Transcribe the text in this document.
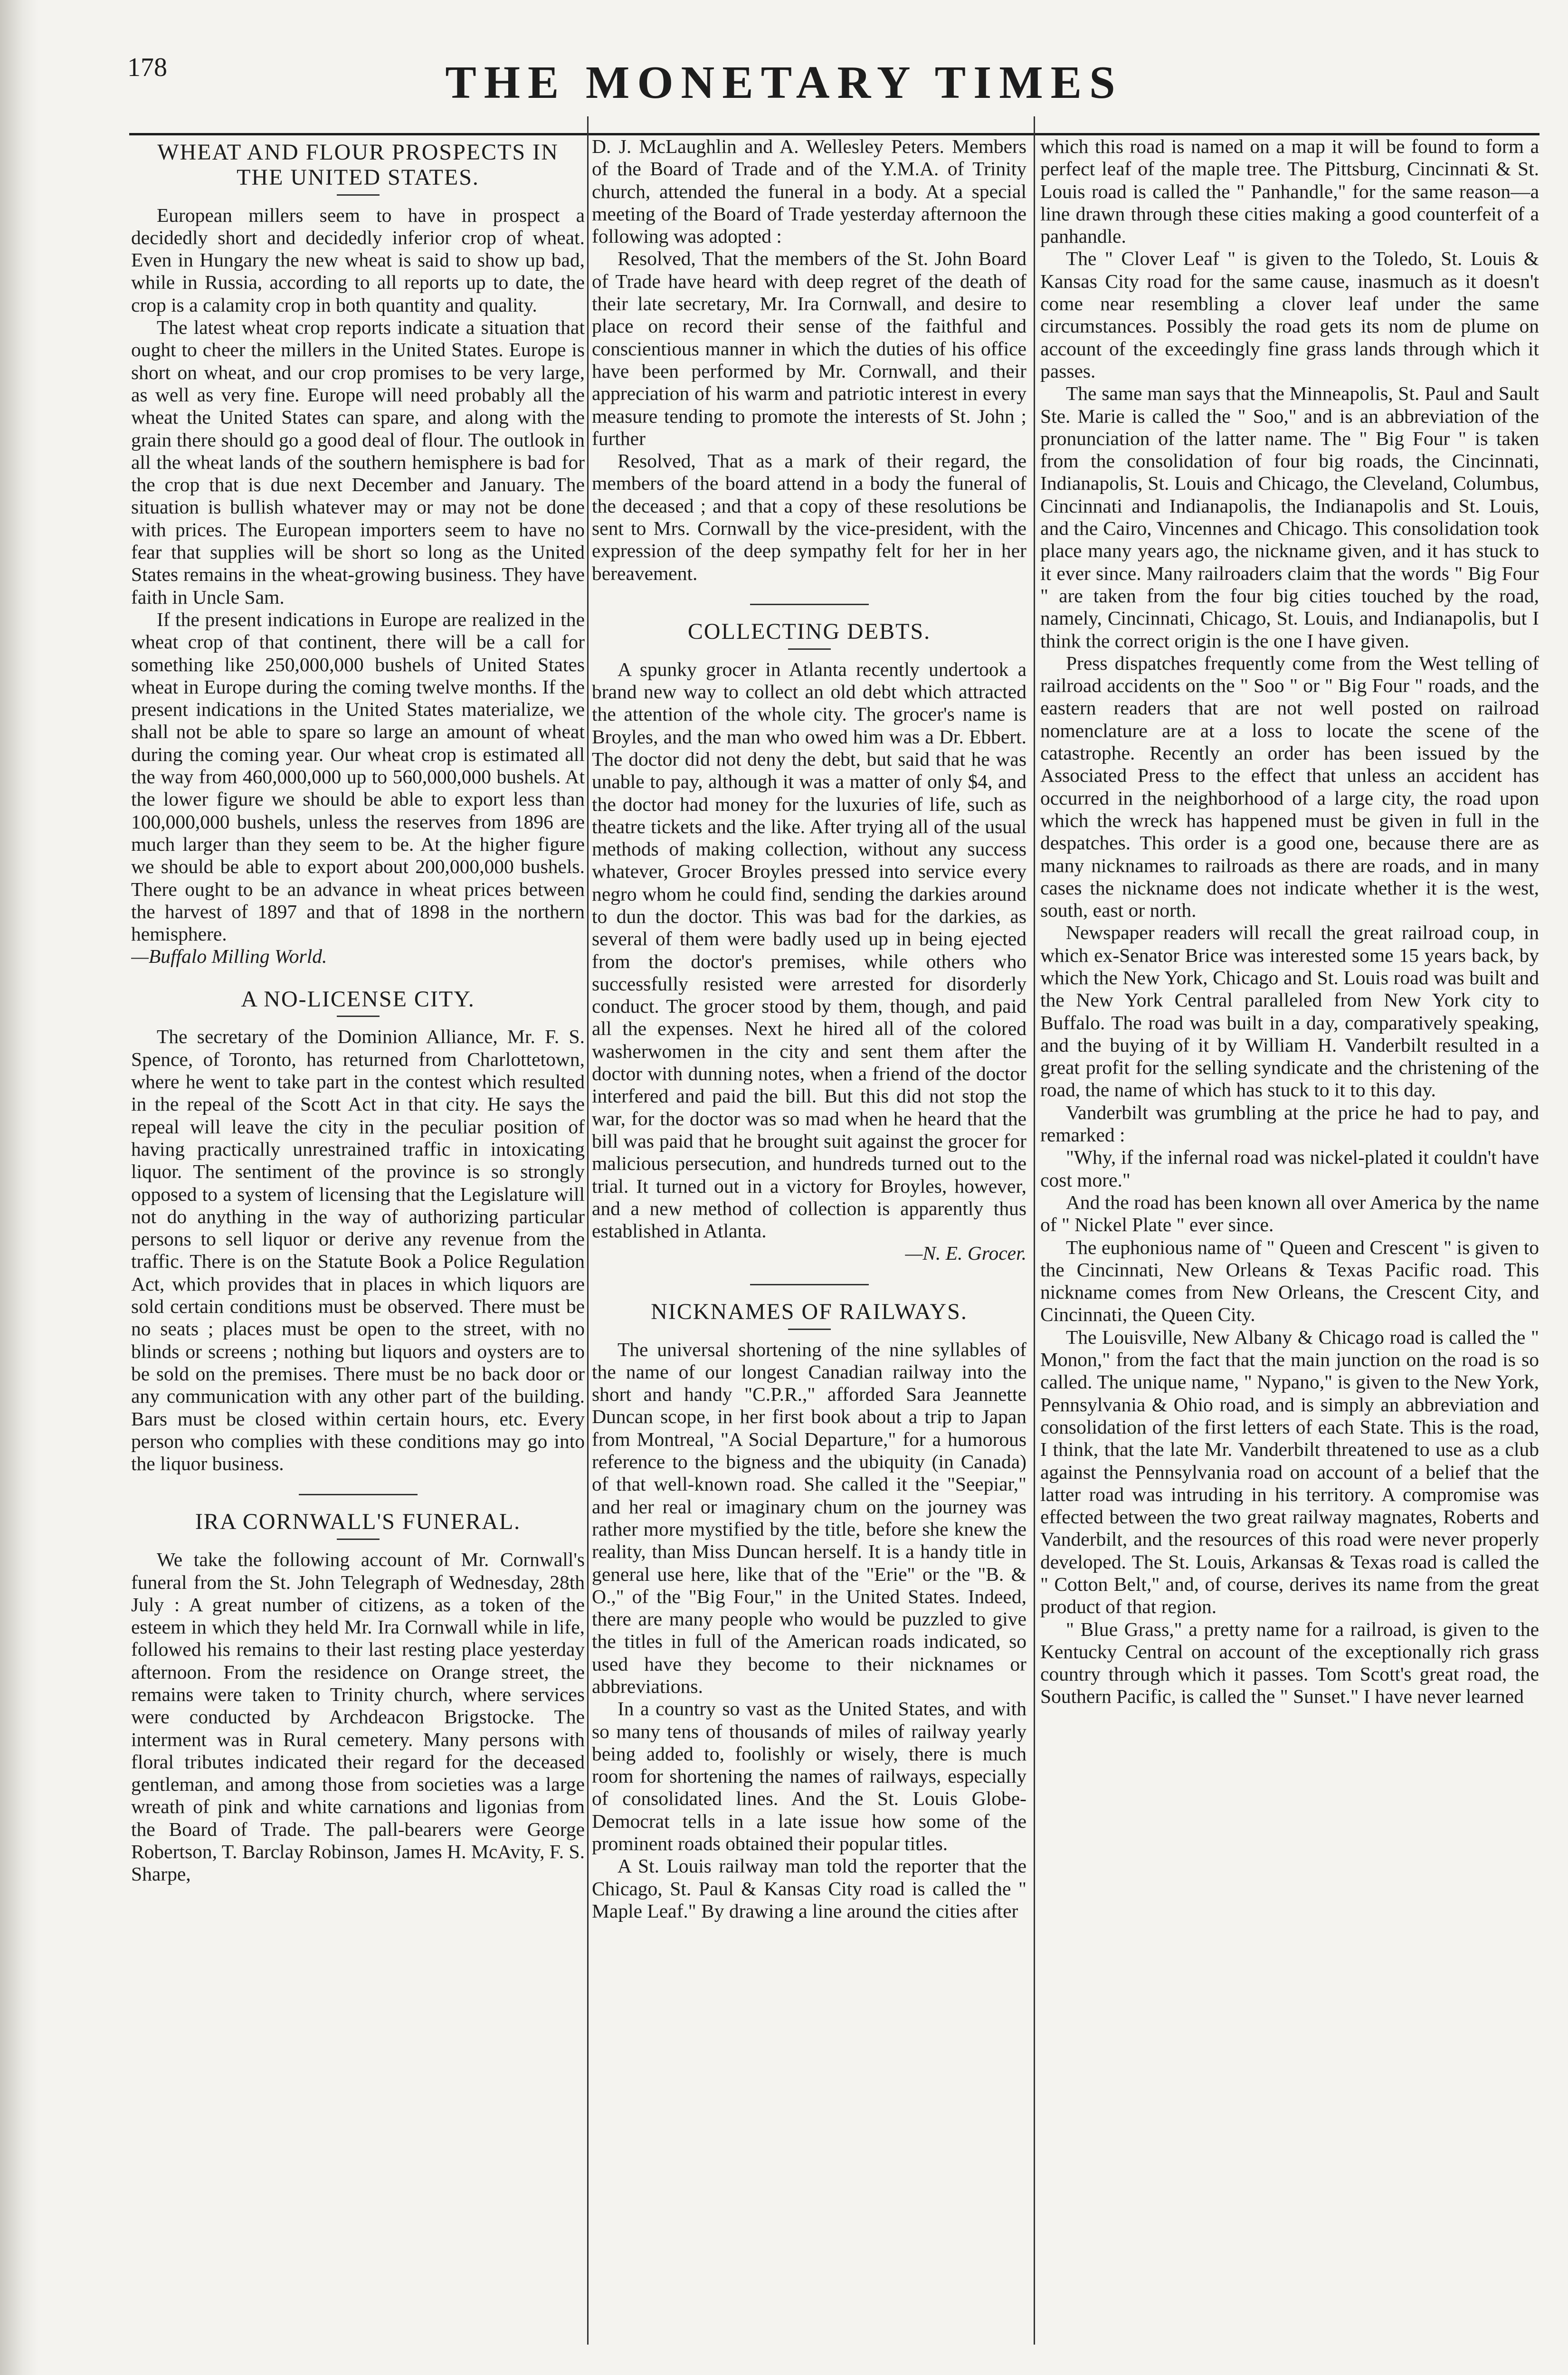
178	THE MONETARY TIMES
WHEAT AND FLOUR PROSPECTS IN THE UNITED STATES.

European millers seem to have in prospect a decidedly short and decidedly inferior crop of wheat. Even in Hungary the new wheat is said to show up bad, while in Russia, according to all reports up to date, the crop is a calamity crop in both quantity and quality.

The latest wheat crop reports indicate a situation that ought to cheer the millers in the United States. Europe is short on wheat, and our crop promises to be very large, as well as very fine. Europe will need probably all the wheat the United States can spare, and along with the grain there should go a good deal of flour. The outlook in all the wheat lands of the southern hemisphere is bad for the crop that is due next December and January. The situation is bullish whatever may or may not be done with prices. The European importers seem to have no fear that supplies will be short so long as the United States remains in the wheat-growing business. They have faith in Uncle Sam.

If the present indications in Europe are realized in the wheat crop of that continent, there will be a call for something like 250,000,000 bushels of United States wheat in Europe during the coming twelve months. If the present indications in the United States materialize, we shall not be able to spare so large an amount of wheat during the coming year. Our wheat crop is estimated all the way from 460,000,000 up to 560,000,000 bushels. At the lower figure we should be able to export less than 100,000,000 bushels, unless the reserves from 1896 are much larger than they seem to be. At the higher figure we should be able to export about 200,000,000 bushels. There ought to be an advance in wheat prices between the harvest of 1897 and that of 1898 in the northern hemisphere.

—Buffalo Milling World.

A NO-LICENSE CITY.

The secretary of the Dominion Alliance, Mr. F. S. Spence, of Toronto, has returned from Charlottetown, where he went to take part in the contest which resulted in the repeal of the Scott Act in that city. He says the repeal will leave the city in the peculiar position of having practically unrestrained traffic in intoxicating liquor. The sentiment of the province is so strongly opposed to a system of licensing that the Legislature will not do anything in the way of authorizing particular persons to sell liquor or derive any revenue from the traffic. There is on the Statute Book a Police Regulation Act, which provides that in places in which liquors are sold certain conditions must be observed. There must be no seats ; places must be open to the street, with no blinds or screens ; nothing but liquors and oysters are to be sold on the premises. There must be no back door or any communication with any other part of the building. Bars must be closed within certain hours, etc. Every person who complies with these conditions may go into the liquor business.

IRA CORNWALL'S FUNERAL.

We take the following account of Mr. Cornwall's funeral from the St. John Telegraph of Wednesday, 28th July : A great number of citizens, as a token of the esteem in which they held Mr. Ira Cornwall while in life, followed his remains to their last resting place yesterday afternoon. From the residence on Orange street, the remains were taken to Trinity church, where services were conducted by Archdeacon Brigstocke. The interment was in Rural cemetery. Many persons with floral tributes indicated their regard for the deceased gentleman, and among those from societies was a large wreath of pink and white carnations and ligonias from the Board of Trade. The pall-bearers were George Robertson, T. Barclay Robinson, James H. McAvity, F. S. Sharpe,

D. J. McLaughlin and A. Wellesley Peters. Members of the Board of Trade and of the Y.M.A. of Trinity church, attended the funeral in a body. At a special meeting of the Board of Trade yesterday afternoon the following was adopted :

Resolved, That the members of the St. John Board of Trade have heard with deep regret of the death of their late secretary, Mr. Ira Cornwall, and desire to place on record their sense of the faithful and conscientious manner in which the duties of his office have been performed by Mr. Cornwall, and their appreciation of his warm and patriotic interest in every measure tending to promote the interests of St. John ; further

Resolved, That as a mark of their regard, the members of the board attend in a body the funeral of the deceased ; and that a copy of these resolutions be sent to Mrs. Cornwall by the vice-president, with the expression of the deep sympathy felt for her in her bereavement.

COLLECTING DEBTS.

A spunky grocer in Atlanta recently undertook a brand new way to collect an old debt which attracted the attention of the whole city. The grocer's name is Broyles, and the man who owed him was a Dr. Ebbert. The doctor did not deny the debt, but said that he was unable to pay, although it was a matter of only $4, and the doctor had money for the luxuries of life, such as theatre tickets and the like. After trying all of the usual methods of making collection, without any success whatever, Grocer Broyles pressed into service every negro whom he could find, sending the darkies around to dun the doctor. This was bad for the darkies, as several of them were badly used up in being ejected from the doctor's premises, while others who successfully resisted were arrested for disorderly conduct. The grocer stood by them, though, and paid all the expenses. Next he hired all of the colored washerwomen in the city and sent them after the doctor with dunning notes, when a friend of the doctor interfered and paid the bill. But this did not stop the war, for the doctor was so mad when he heard that the bill was paid that he brought suit against the grocer for malicious persecution, and hundreds turned out to the trial. It turned out in a victory for Broyles, however, and a new method of collection is apparently thus established in Atlanta.

—N. E. Grocer.

NICKNAMES OF RAILWAYS.

The universal shortening of the nine syllables of the name of our longest Canadian railway into the short and handy "C.P.R.," afforded Sara Jeannette Duncan scope, in her first book about a trip to Japan from Montreal, "A Social Departure," for a humorous reference to the bigness and the ubiquity (in Canada) of that well-known road. She called it the "Seepiar," and her real or imaginary chum on the journey was rather more mystified by the title, before she knew the reality, than Miss Duncan herself. It is a handy title in general use here, like that of the "Erie" or the "B. & O.," of the "Big Four," in the United States. Indeed, there are many people who would be puzzled to give the titles in full of the American roads indicated, so used have they become to their nicknames or abbreviations.

In a country so vast as the United States, and with so many tens of thousands of miles of railway yearly being added to, foolishly or wisely, there is much room for shortening the names of railways, especially of consolidated lines. And the St. Louis Globe-Democrat tells in a late issue how some of the prominent roads obtained their popular titles.

A St. Louis railway man told the reporter that the Chicago, St. Paul & Kansas City road is called the " Maple Leaf." By drawing a line around the cities after

which this road is named on a map it will be found to form a perfect leaf of the maple tree. The Pittsburg, Cincinnati & St. Louis road is called the " Panhandle," for the same reason—a line drawn through these cities making a good counterfeit of a panhandle.

The " Clover Leaf " is given to the Toledo, St. Louis & Kansas City road for the same cause, inasmuch as it doesn't come near resembling a clover leaf under the same circumstances. Possibly the road gets its nom de plume on account of the exceedingly fine grass lands through which it passes.

The same man says that the Minneapolis, St. Paul and Sault Ste. Marie is called the " Soo," and is an abbreviation of the pronunciation of the latter name. The " Big Four " is taken from the consolidation of four big roads, the Cincinnati, Indianapolis, St. Louis and Chicago, the Cleveland, Columbus, Cincinnati and Indianapolis, the Indianapolis and St. Louis, and the Cairo, Vincennes and Chicago. This consolidation took place many years ago, the nickname given, and it has stuck to it ever since. Many railroaders claim that the words " Big Four " are taken from the four big cities touched by the road, namely, Cincinnati, Chicago, St. Louis, and Indianapolis, but I think the correct origin is the one I have given.

Press dispatches frequently come from the West telling of railroad accidents on the " Soo " or " Big Four " roads, and the eastern readers that are not well posted on railroad nomenclature are at a loss to locate the scene of the catastrophe. Recently an order has been issued by the Associated Press to the effect that unless an accident has occurred in the neighborhood of a large city, the road upon which the wreck has happened must be given in full in the despatches. This order is a good one, because there are as many nicknames to railroads as there are roads, and in many cases the nickname does not indicate whether it is the west, south, east or north.

Newspaper readers will recall the great railroad coup, in which ex-Senator Brice was interested some 15 years back, by which the New York, Chicago and St. Louis road was built and the New York Central paralleled from New York city to Buffalo. The road was built in a day, comparatively speaking, and the buying of it by William H. Vanderbilt resulted in a great profit for the selling syndicate and the christening of the road, the name of which has stuck to it to this day.

Vanderbilt was grumbling at the price he had to pay, and remarked :

"Why, if the infernal road was nickel-plated it couldn't have cost more."

And the road has been known all over America by the name of " Nickel Plate " ever since.

The euphonious name of " Queen and Crescent " is given to the Cincinnati, New Orleans & Texas Pacific road. This nickname comes from New Orleans, the Crescent City, and Cincinnati, the Queen City.

The Louisville, New Albany & Chicago road is called the " Monon," from the fact that the main junction on the road is so called. The unique name, " Nypano," is given to the New York, Pennsylvania & Ohio road, and is simply an abbreviation and consolidation of the first letters of each State. This is the road, I think, that the late Mr. Vanderbilt threatened to use as a club against the Pennsylvania road on account of a belief that the latter road was intruding in his territory. A compromise was effected between the two great railway magnates, Roberts and Vanderbilt, and the resources of this road were never properly developed. The St. Louis, Arkansas & Texas road is called the " Cotton Belt," and, of course, derives its name from the great product of that region.

" Blue Grass," a pretty name for a railroad, is given to the Kentucky Central on account of the exceptionally rich grass country through which it passes. Tom Scott's great road, the Southern Pacific, is called the " Sunset." I have never learned
